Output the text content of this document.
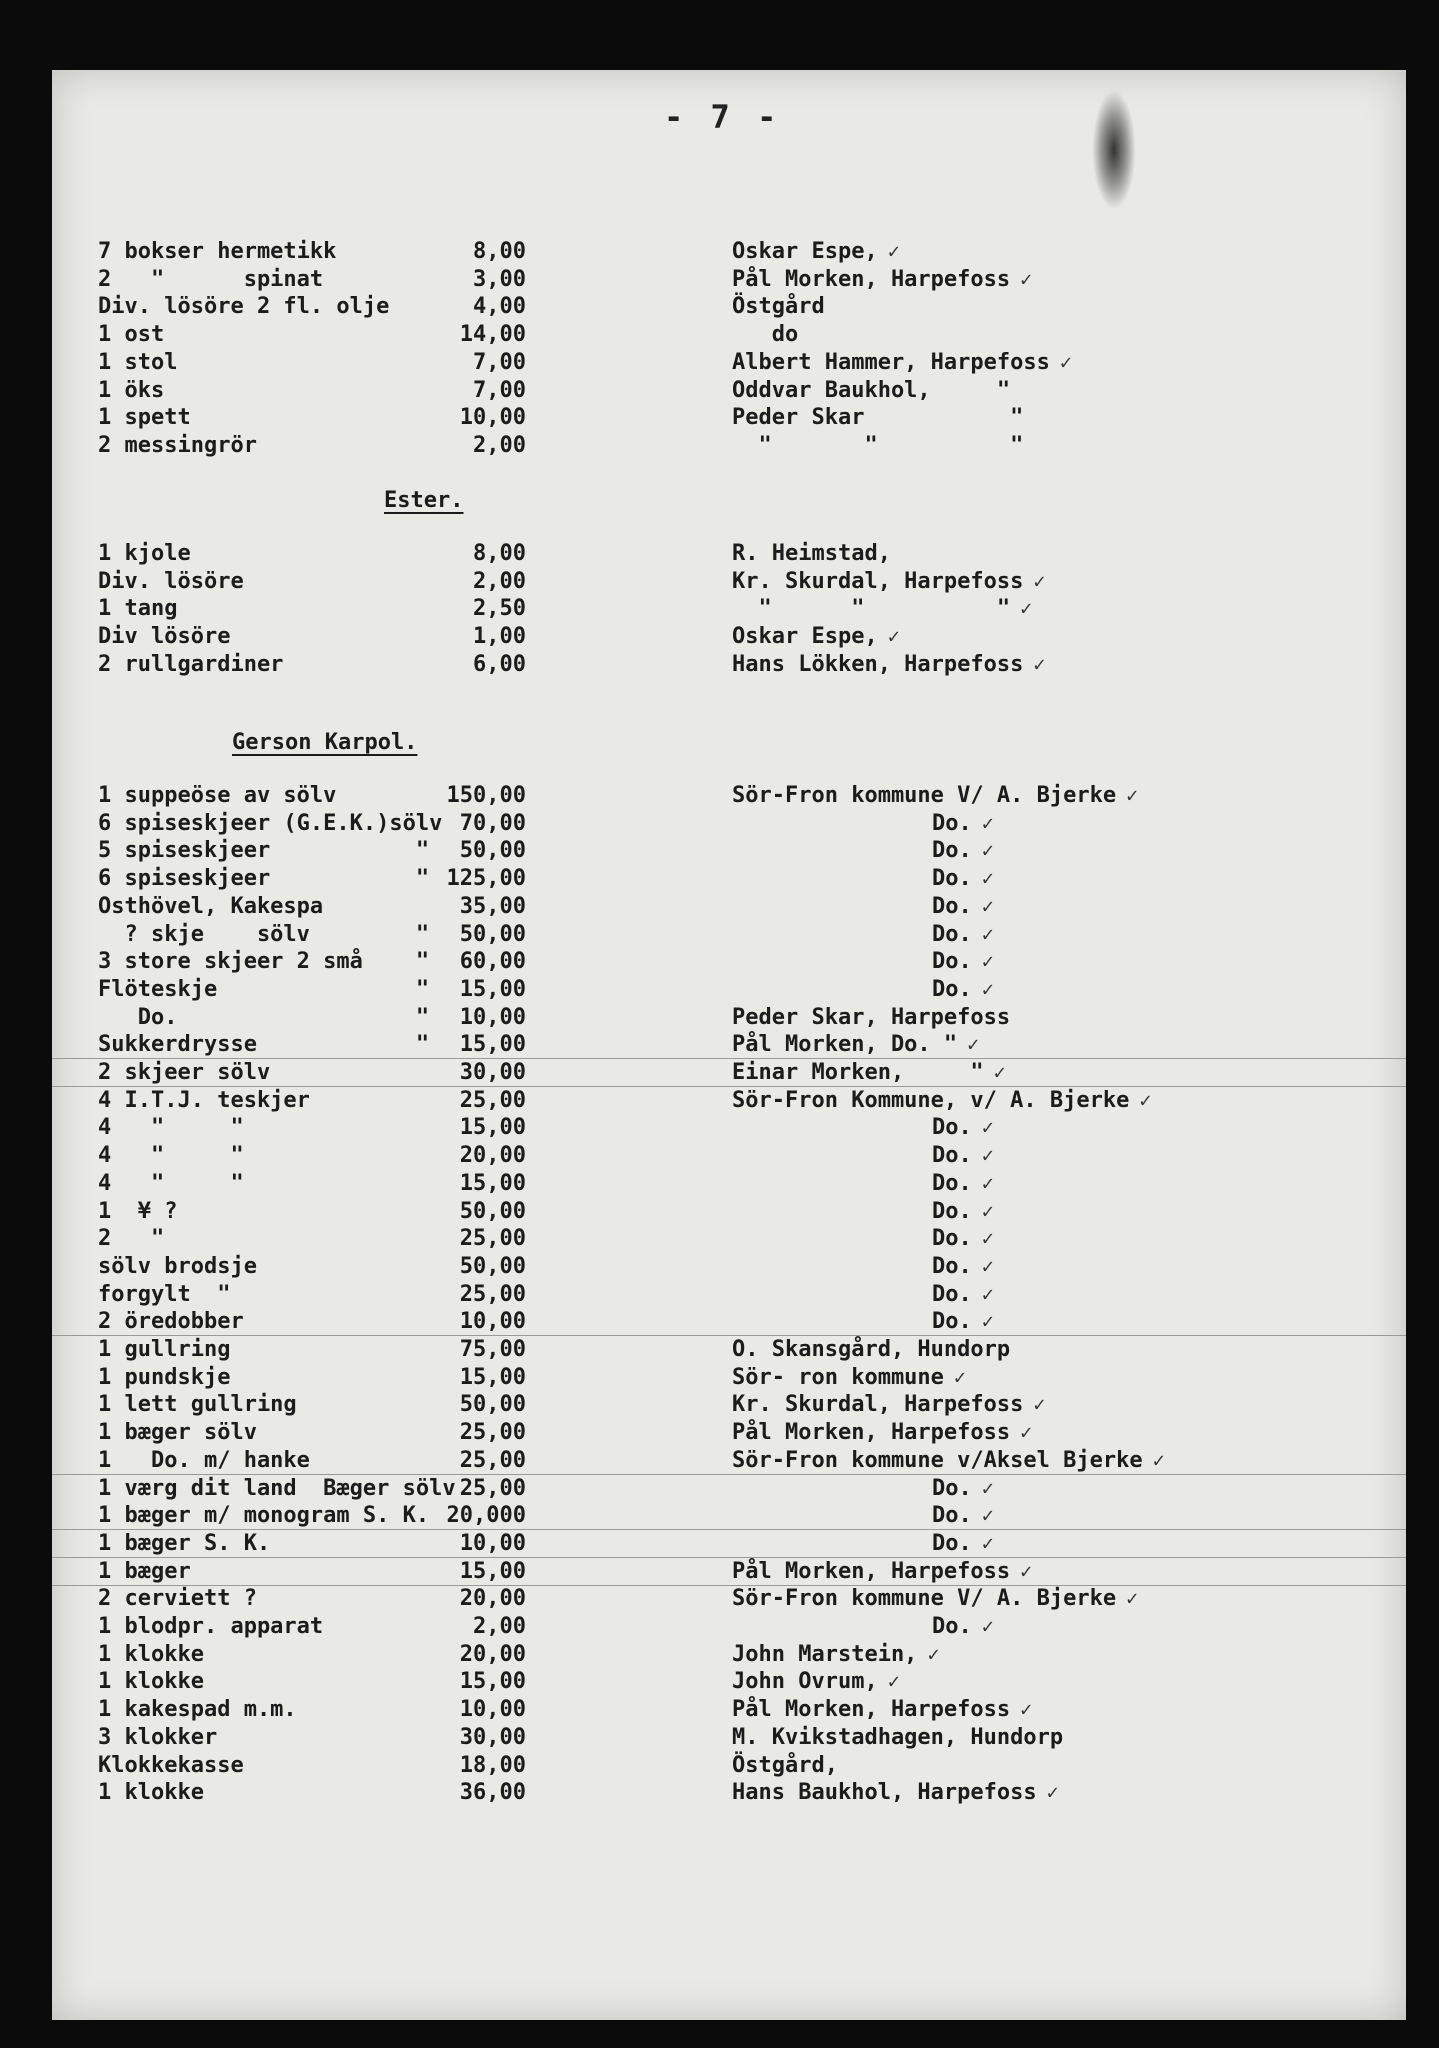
- 7 -
7 bokser hermetikk	8,00	Oskar Espe, ✓
2   "      spinat	3,00	Pål Morken, Harpefoss ✓
Div. lösöre 2 fl. olje	4,00	Östgård
1 ost	14,00	do
1 stol	7,00	Albert Hammer, Harpefoss ✓
1 öks	7,00	Oddvar Baukhol,     "
1 spett	10,00	Peder Skar           "
2 messingrör	2,00	"       "          "
Ester.
1 kjole	8,00	R. Heimstad,
Div. lösöre	2,00	Kr. Skurdal, Harpefoss ✓
1 tang	2,50	"      "          " ✓
Div lösöre	1,00	Oskar Espe, ✓
2 rullgardiner	6,00	Hans Lökken, Harpefoss ✓
Gerson Karpol.
1 suppeöse av sölv	150,00	Sör-Fron kommune V/ A. Bjerke ✓
6 spiseskjeer (G.E.K.)sölv 70,00	Do. ✓
5 spiseskjeer           " 50,00	Do. ✓
6 spiseskjeer           " 125,00	Do. ✓
Osthövel, Kakespa	35,00	Do. ✓
? skje    sölv        " 50,00	Do. ✓
3 store skjeer 2 små    " 60,00	Do. ✓
Flöteskje               " 15,00	Do. ✓
Do.                  " 10,00	Peder Skar, Harpefoss
Sukkerdrysse            " 15,00	Pål Morken, Do. " ✓
2 skjeer sölv	30,00	Einar Morken,     " ✓
4 I.T.J. teskjer	25,00	Sör-Fron Kommune, v/ A. Bjerke ✓
4   "     "	15,00	Do. ✓
4   "     "	20,00	Do. ✓
4   "     "	15,00	Do. ✓
1  ¥ ?	50,00	Do. ✓
2   "	25,00	Do. ✓
sölv brodsje	50,00	Do. ✓
forgylt  "	25,00	Do. ✓
2 öredobber	10,00	Do. ✓
1 gullring	75,00	O. Skansgård, Hundorp
1 pundskje	15,00	Sör- ron kommune ✓
1 lett gullring	50,00	Kr. Skurdal, Harpefoss ✓
1 bæger sölv	25,00	Pål Morken, Harpefoss ✓
1   Do. m/ hanke	25,00	Sör-Fron kommune v/Aksel Bjerke ✓
1 værg dit land  Bæger sölv 25,00	Do. ✓
1 bæger m/ monogram S. K. 20,000	Do. ✓
1 bæger S. K.	10,00	Do. ✓
1 bæger	15,00	Pål Morken, Harpefoss ✓
2 cerviett ?	20,00	Sör-Fron kommune V/ A. Bjerke ✓
1 blodpr. apparat	2,00	Do. ✓
1 klokke	20,00	John Marstein, ✓
1 klokke	15,00	John Ovrum, ✓
1 kakespad m.m.	10,00	Pål Morken, Harpefoss ✓
3 klokker	30,00	M. Kvikstadhagen, Hundorp
Klokkekasse	18,00	Östgård,
1 klokke	36,00	Hans Baukhol, Harpefoss ✓
